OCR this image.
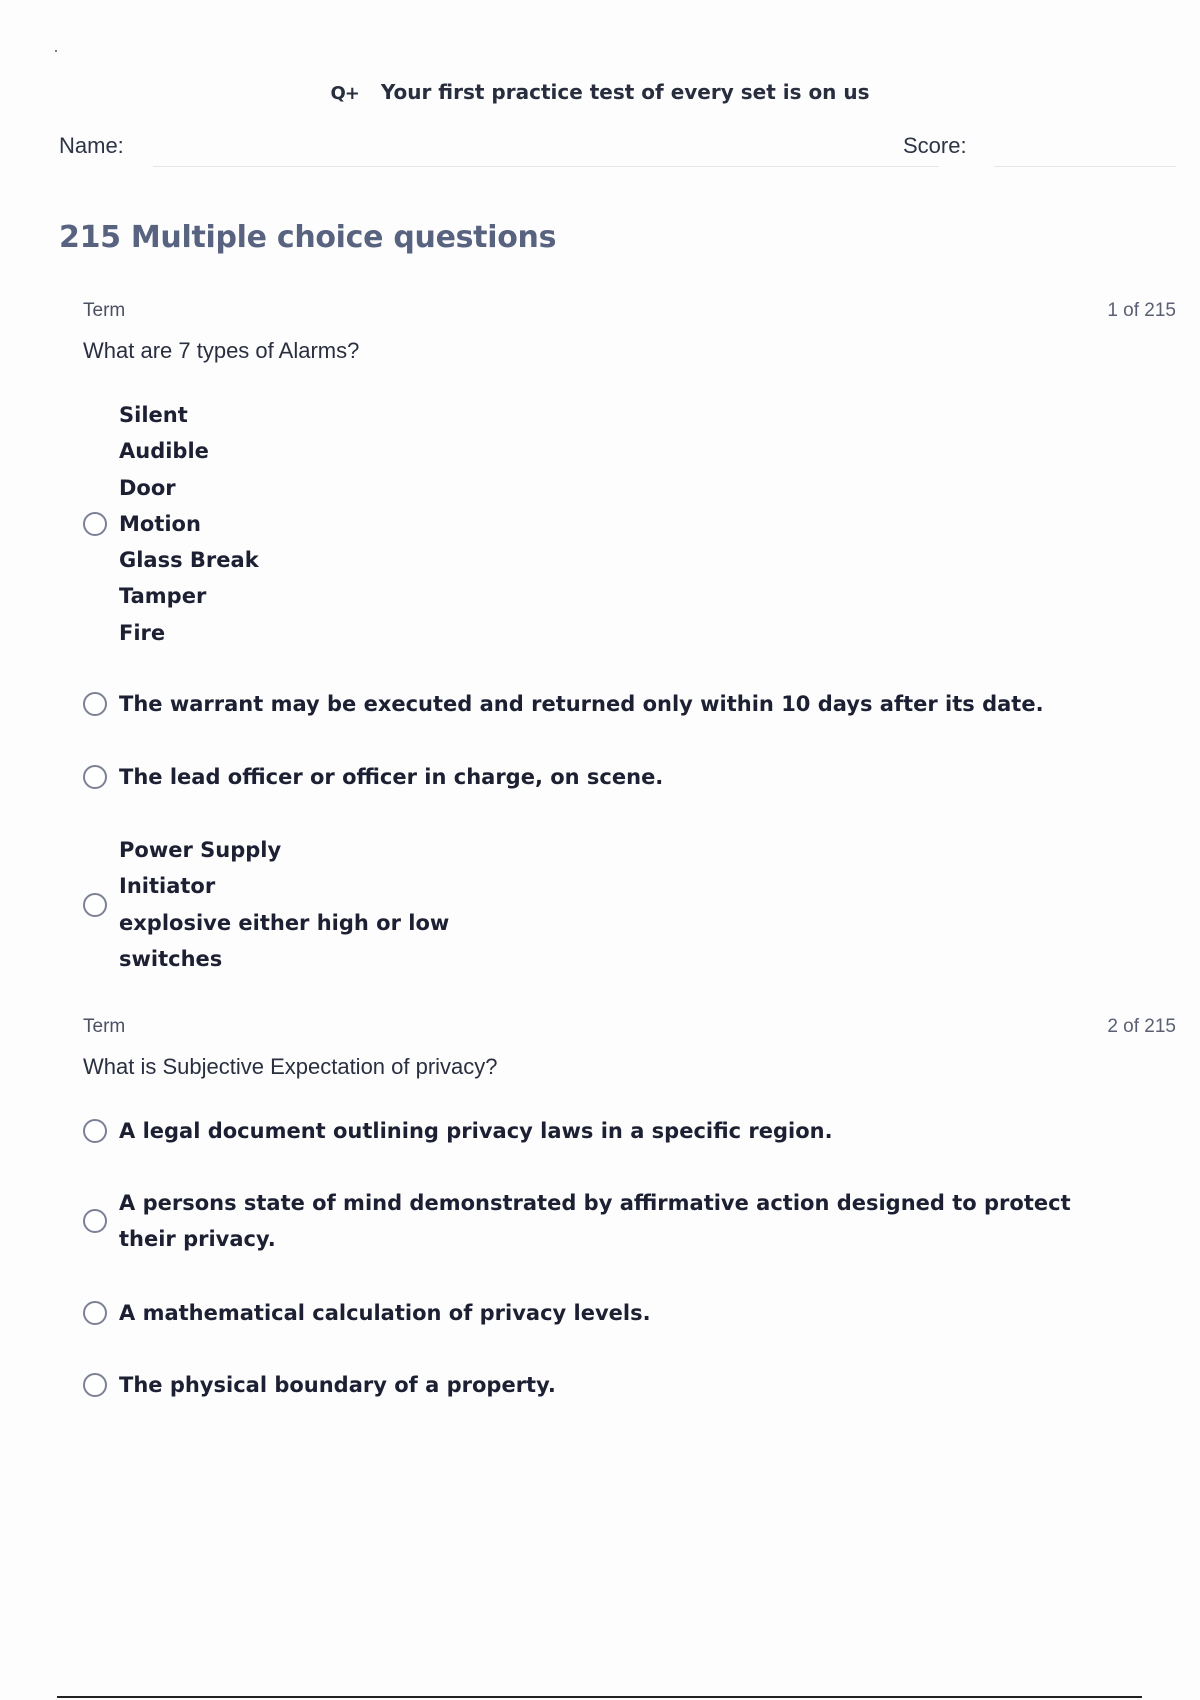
Q+ Your first practice test of every set is on us
Name:	Score:
215 Multiple choice questions
Term	1 of 215
What are 7 types of Alarms?
Silent
Audible
Door
Motion
Glass Break
Tamper
Fire
The warrant may be executed and returned only within 10 days after its date.
The lead officer or officer in charge, on scene.
Power Supply
Initiator
explosive either high or low
switches
Term	2 of 215
What is Subjective Expectation of privacy?
A legal document outlining privacy laws in a specific region.
A persons state of mind demonstrated by affirmative action designed to protect their privacy.
A mathematical calculation of privacy levels.
The physical boundary of a property.
